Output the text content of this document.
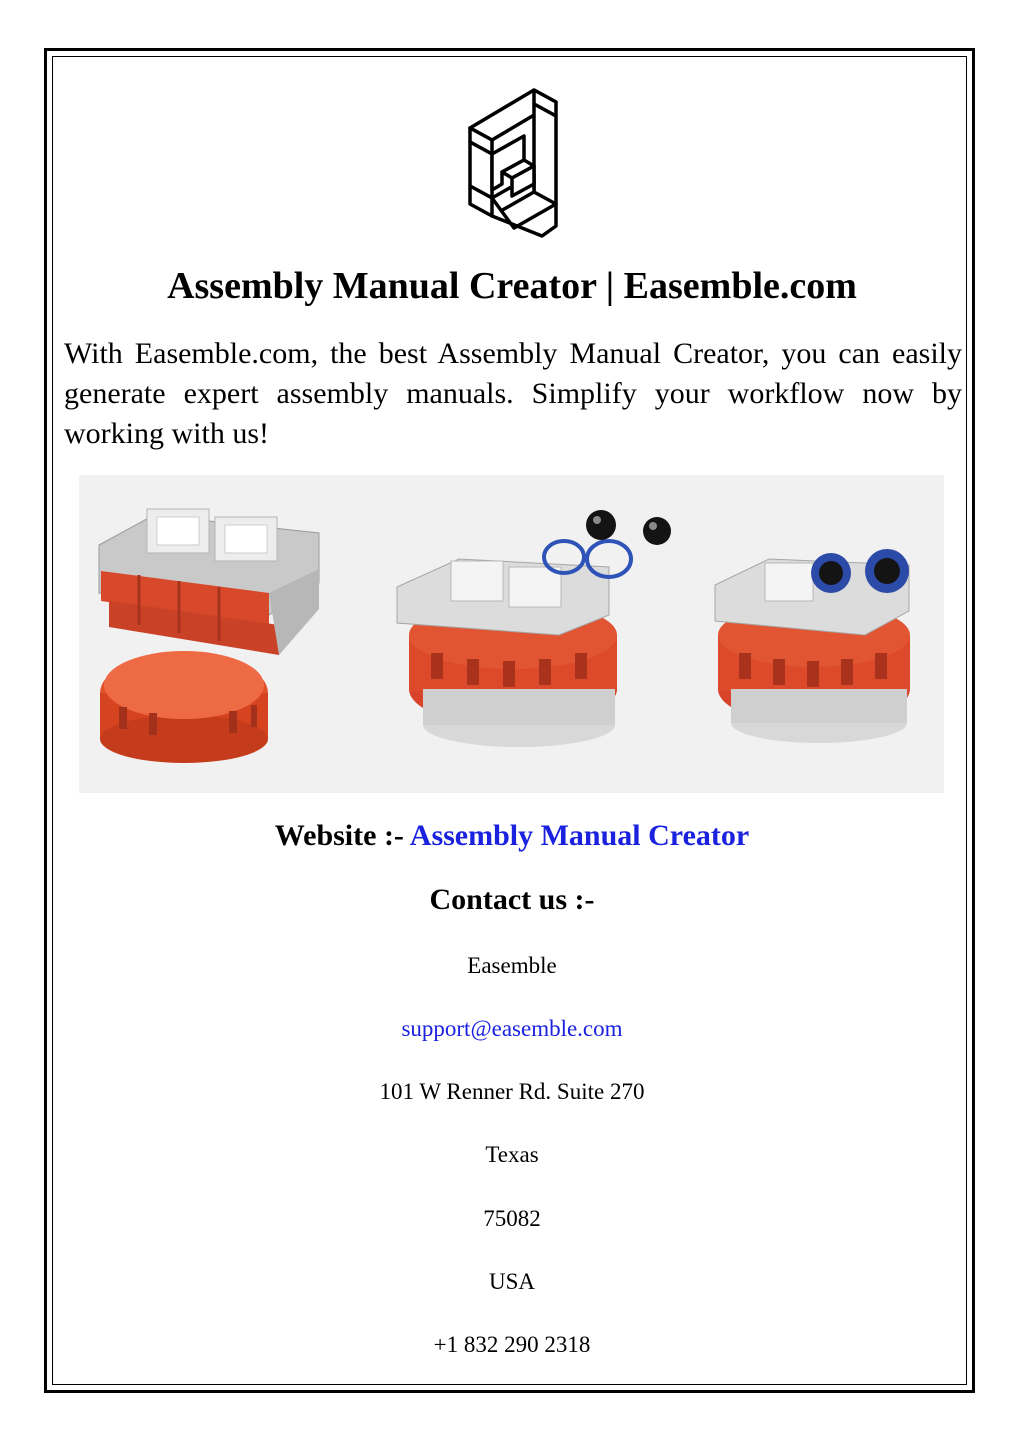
Assembly Manual Creator | Easemble.com

With Easemble.com, the best Assembly Manual Creator, you can easily generate expert assembly manuals. Simplify your workflow now by working with us!

Website :- Assembly Manual Creator

Contact us :-

Easemble

support@easemble.com

101 W Renner Rd. Suite 270

Texas

75082

USA

+1 832 290 2318
